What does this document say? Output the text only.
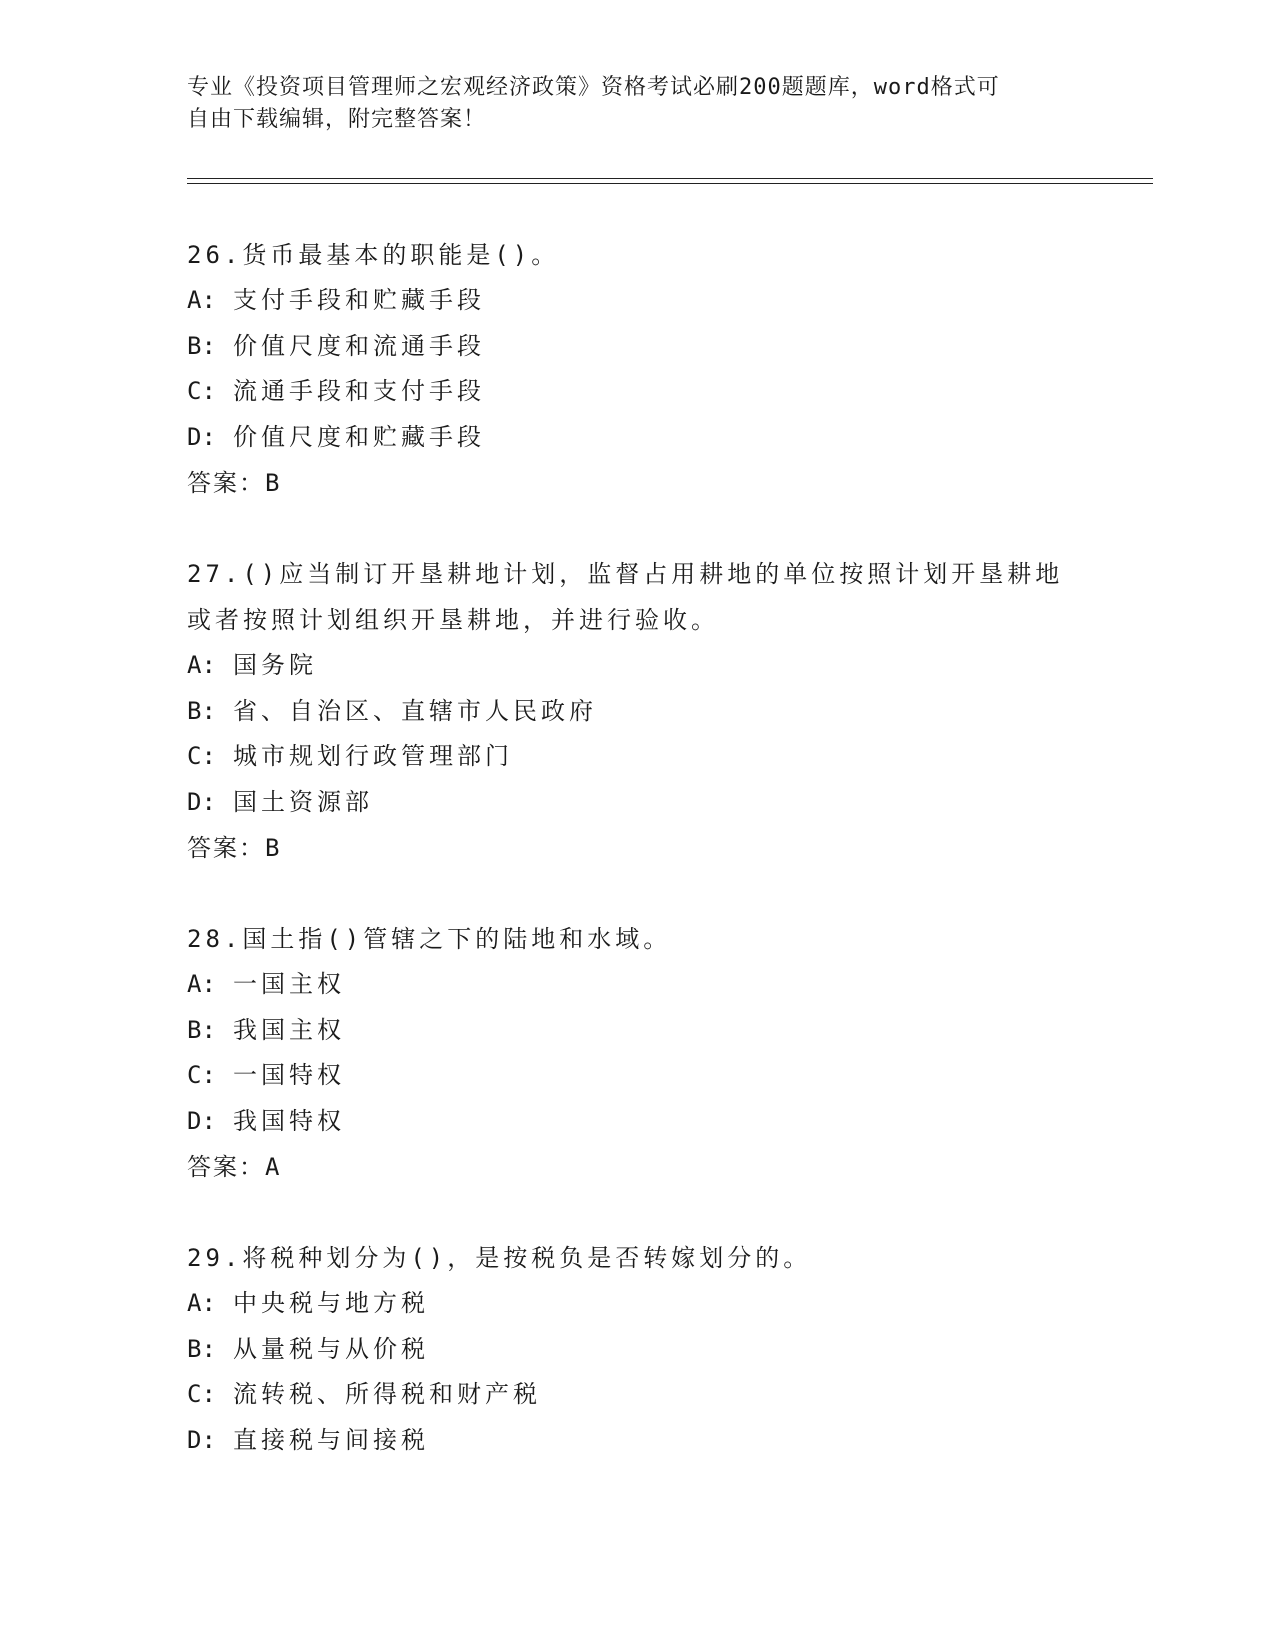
专业《投资项目管理师之宏观经济政策》资格考试必刷200题题库，word格式可
自由下载编辑，附完整答案！
26.货币最基本的职能是()。
A: 支付手段和贮藏手段
B: 价值尺度和流通手段
C: 流通手段和支付手段
D: 价值尺度和贮藏手段
答案：B
27.()应当制订开垦耕地计划，监督占用耕地的单位按照计划开垦耕地
或者按照计划组织开垦耕地，并进行验收。
A: 国务院
B: 省、自治区、直辖市人民政府
C: 城市规划行政管理部门
D: 国土资源部
答案：B
28.国土指()管辖之下的陆地和水域。
A: 一国主权
B: 我国主权
C: 一国特权
D: 我国特权
答案：A
29.将税种划分为()，是按税负是否转嫁划分的。
A: 中央税与地方税
B: 从量税与从价税
C: 流转税、所得税和财产税
D: 直接税与间接税
